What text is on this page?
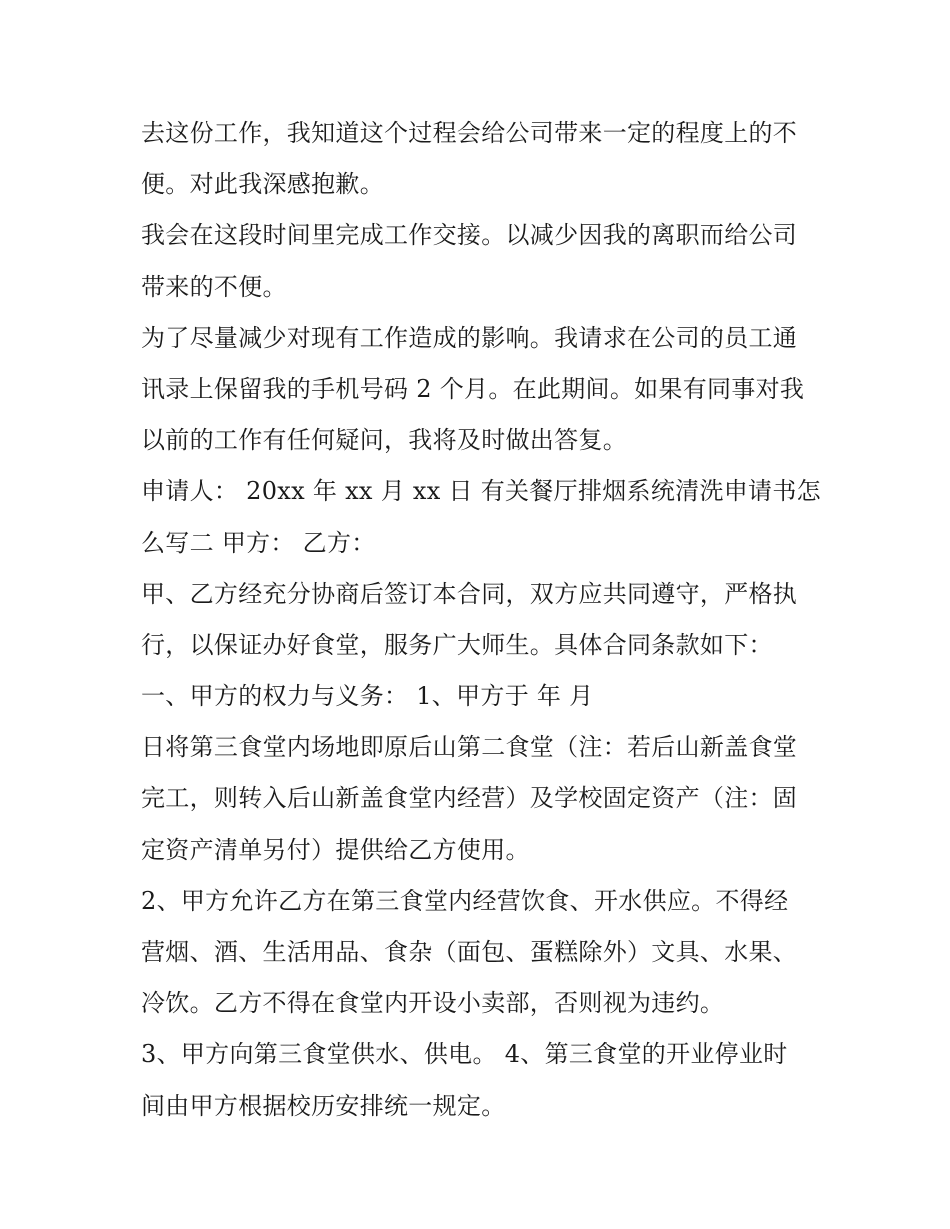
去这份工作，我知道这个过程会给公司带来一定的程度上的不
便。对此我深感抱歉。
我会在这段时间里完成工作交接。以减少因我的离职而给公司
带来的不便。
为了尽量减少对现有工作造成的影响。我请求在公司的员工通
讯录上保留我的手机号码 2 个月。在此期间。如果有同事对我
以前的工作有任何疑问，我将及时做出答复。
申请人： 20xx 年 xx 月 xx 日 有关餐厅排烟系统清洗申请书怎
么写二 甲方： 乙方：
甲、乙方经充分协商后签订本合同，双方应共同遵守，严格执
行，以保证办好食堂，服务广大师生。具体合同条款如下：
一、甲方的权力与义务： 1、甲方于 年 月
日将第三食堂内场地即原后山第二食堂（注：若后山新盖食堂
完工，则转入后山新盖食堂内经营）及学校固定资产（注：固
定资产清单另付）提供给乙方使用。
2、甲方允许乙方在第三食堂内经营饮食、开水供应。不得经
营烟、酒、生活用品、食杂（面包、蛋糕除外）文具、水果、
冷饮。乙方不得在食堂内开设小卖部，否则视为违约。
3、甲方向第三食堂供水、供电。 4、第三食堂的开业停业时
间由甲方根据校历安排统一规定。
